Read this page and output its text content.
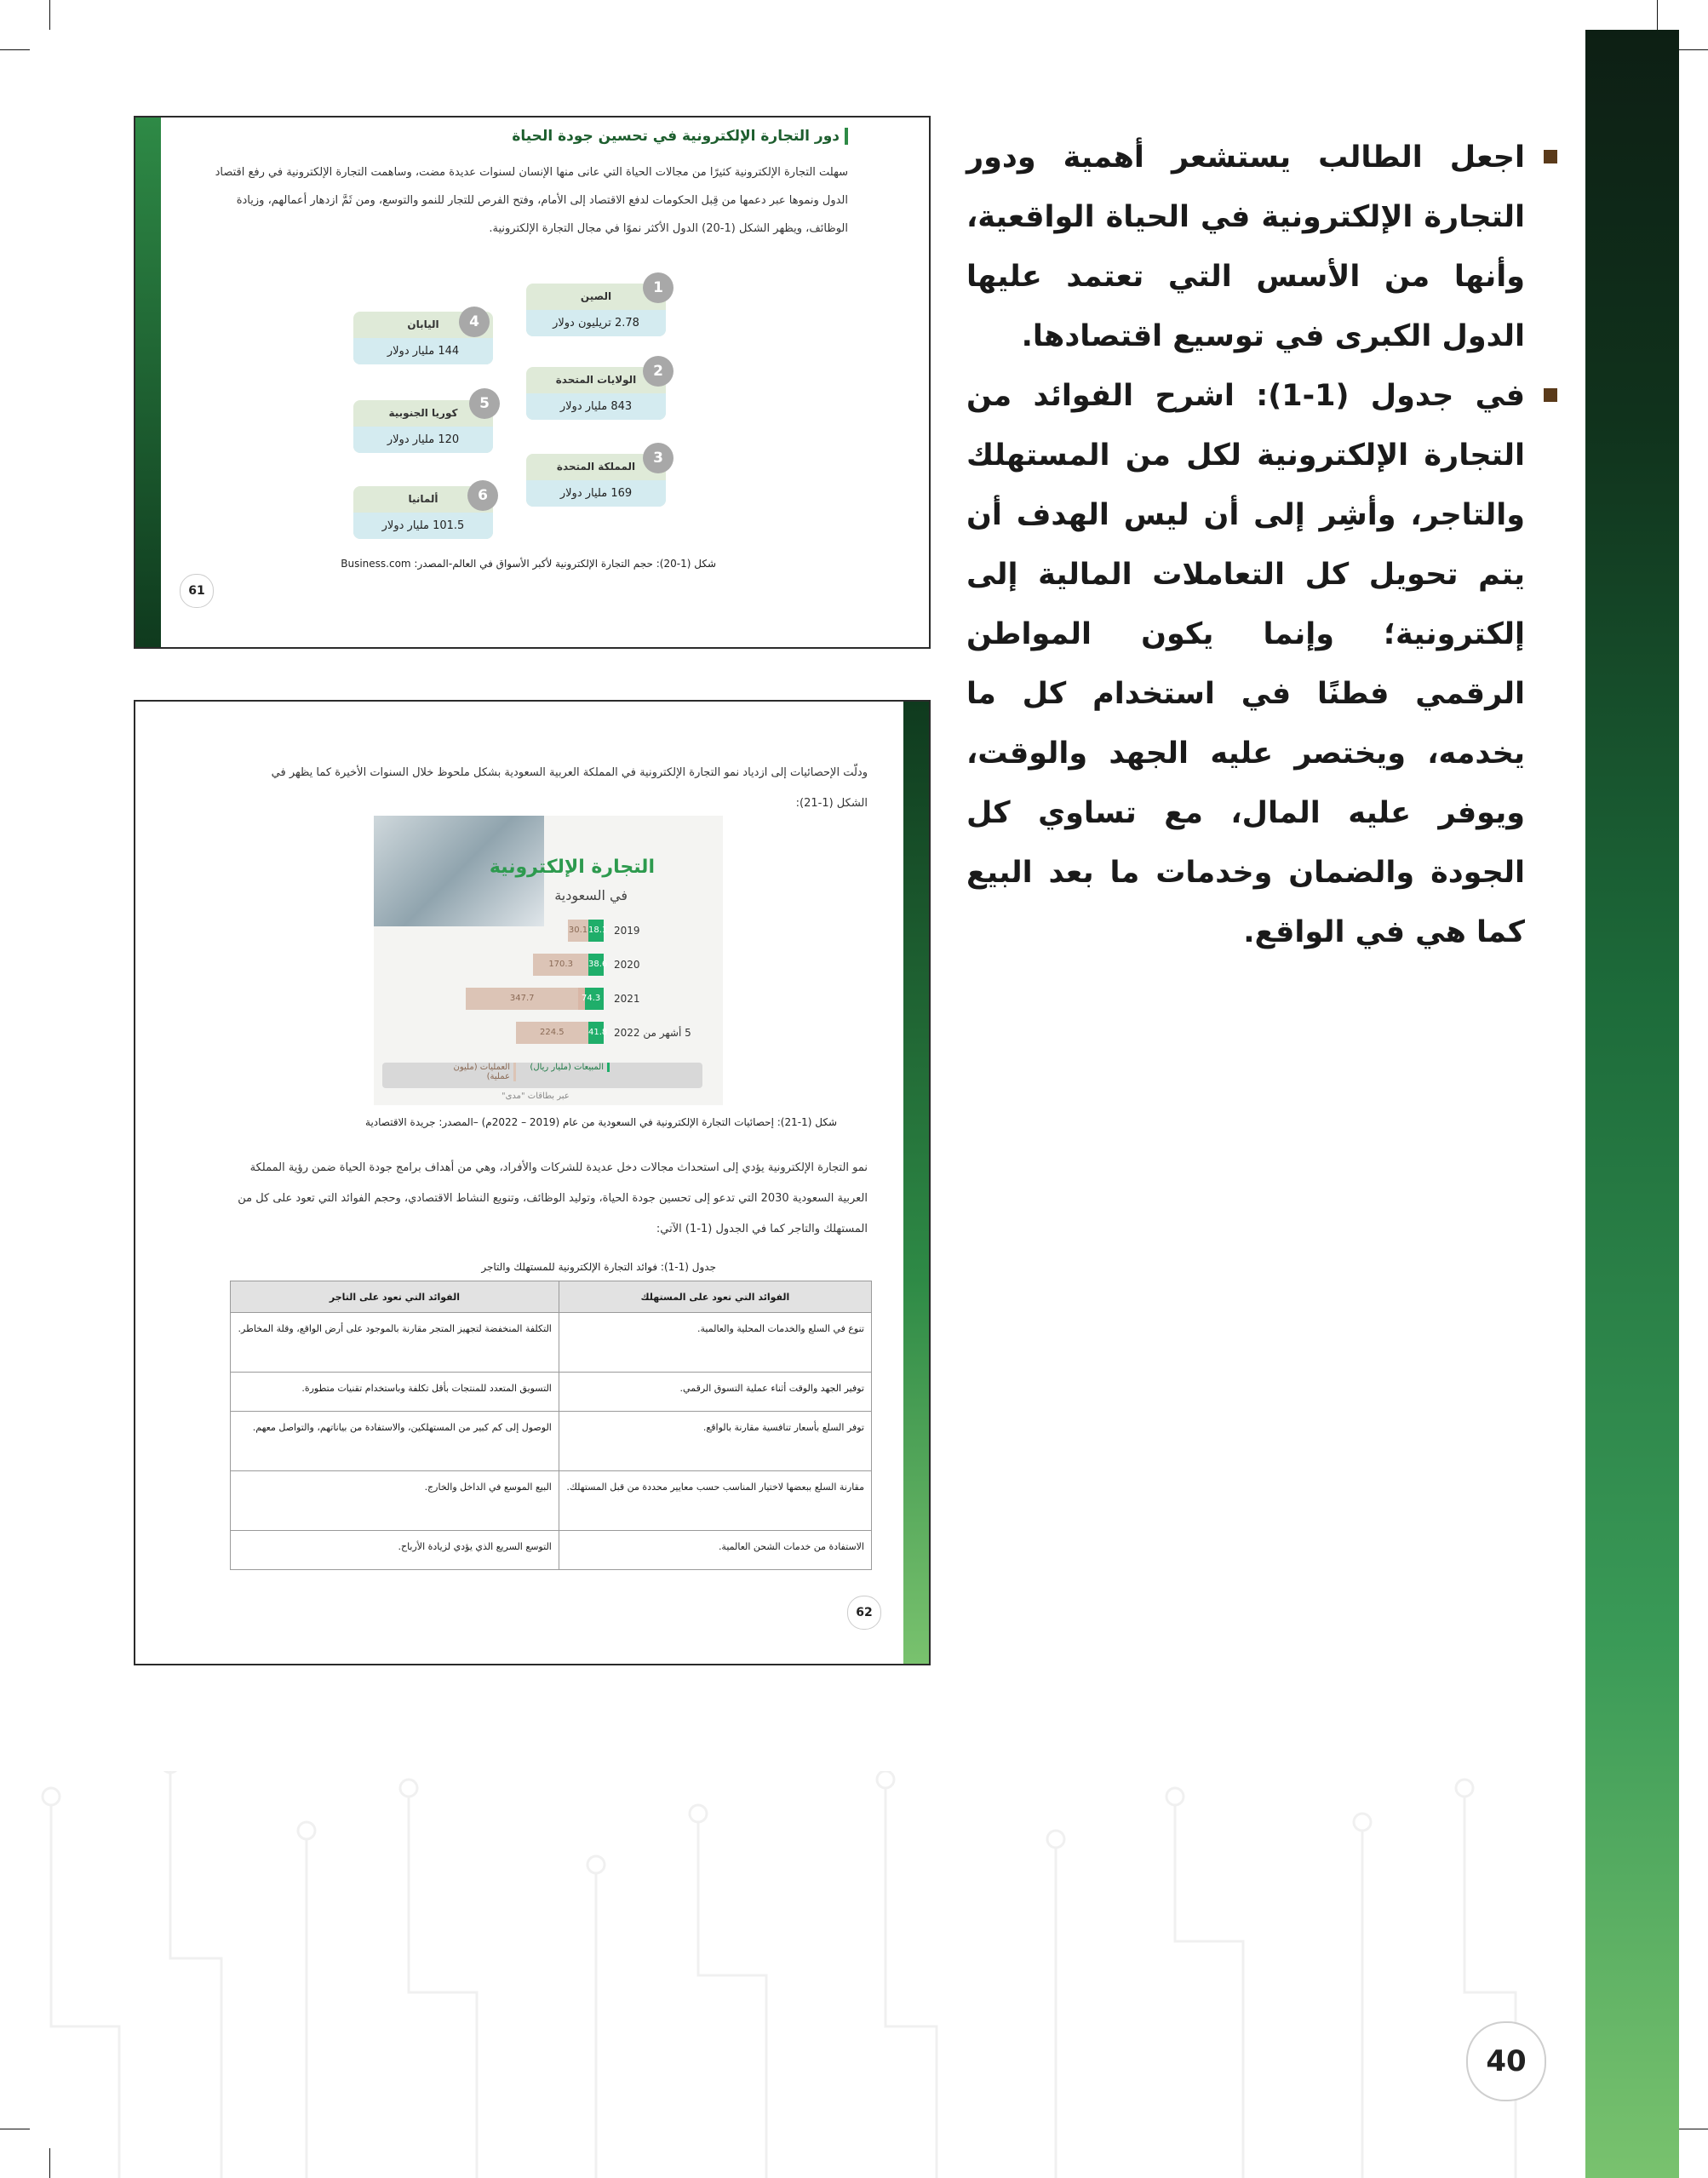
اجعل الطالب يستشعر أهمية ودور التجارة الإلكترونية في الحياة الواقعية، وأنها من الأسس التي تعتمد عليها الدول الكبرى في توسيع اقتصادها.
في جدول (1-1): اشرح الفوائد من التجارة الإلكترونية لكل من المستهلك والتاجر، وأشِر إلى أن ليس الهدف أن يتم تحويل كل التعاملات المالية إلى إلكترونية؛ وإنما يكون المواطن الرقمي فطنًا في استخدام كل ما يخدمه، ويختصر عليه الجهد والوقت، ويوفر عليه المال، مع تساوي كل الجودة والضمان وخدمات ما بعد البيع كما هي في الواقع.
دور التجارة الإلكترونية في تحسين جودة الحياة
سهلت التجارة الإلكترونية كثيرًا من مجالات الحياة التي عانى منها الإنسان لسنوات عديدة مضت، وساهمت التجارة الإلكترونية في رفع اقتصاد الدول ونموها عبر دعمها من قِبل الحكومات لدفع الاقتصاد إلى الأمام، وفتح الفرص للتجار للنمو والتوسع، ومن ثَمَّ ازدهار أعمالهم، وزيادة الوظائف، ويظهر الشكل (1-20) الدول الأكثر نموًا في مجال التجارة الإلكترونية.
الصين
2.78 تريليون دولار
1
الولايات المتحدة
843 مليار دولار
2
المملكة المتحدة
169 مليار دولار
3
اليابان
144 مليار دولار
4
كوريا الجنوبية
120 مليار دولار
5
ألمانيا
101.5 مليار دولار
6
شكل (1-20): حجم التجارة الإلكترونية لأكبر الأسواق في العالم-المصدر: Business.com
61
ودلّت الإحصائيات إلى ازدياد نمو التجارة الإلكترونية في المملكة العربية السعودية بشكل ملحوظ خلال السنوات الأخيرة كما يظهر في الشكل (1-21):
التجارة الإلكترونية
في السعودية
18.1
30.1	2019
38.6
170.3	2020
74.3
347.7	2021
41.8
224.5	5 أشهر من 2022
المبيعات (مليار ريال)
العمليات (مليون عملية)
عبر بطاقات "مدى"
شكل (1-21): إحصائيات التجارة الإلكترونية في السعودية من عام (2019 – 2022م) –المصدر: جريدة الاقتصادية
نمو التجارة الإلكترونية يؤدي إلى استحداث مجالات دخل عديدة للشركات والأفراد، وهي من أهداف برامج جودة الحياة ضمن رؤية المملكة العربية السعودية 2030 التي تدعو إلى تحسين جودة الحياة، وتوليد الوظائف، وتنويع النشاط الاقتصادي، وحجم الفوائد التي تعود على كل من المستهلك والتاجر كما في الجدول (1-1) الآتي:
جدول (1-1): فوائد التجارة الإلكترونية للمستهلك والتاجر
الفوائد التي تعود على المستهلك	الفوائد التي تعود على التاجر
تنوع في السلع والخدمات المحلية والعالمية.	التكلفة المنخفضة لتجهيز المتجر مقارنة بالموجود على أرض الواقع، وقلة المخاطر.
توفير الجهد والوقت أثناء عملية التسوق الرقمي.	التسويق المتعدد للمنتجات بأقل تكلفة وباستخدام تقنيات متطورة.
توفر السلع بأسعار تنافسية مقارنة بالواقع.	الوصول إلى كم كبير من المستهلكين، والاستفادة من بياناتهم، والتواصل معهم.
مقارنة السلع ببعضها لاختيار المناسب حسب معايير محددة من قبل المستهلك.	البيع الموسع في الداخل والخارج.
الاستفادة من خدمات الشحن العالمية.	التوسع السريع الذي يؤدي لزيادة الأرباح.
62
40
